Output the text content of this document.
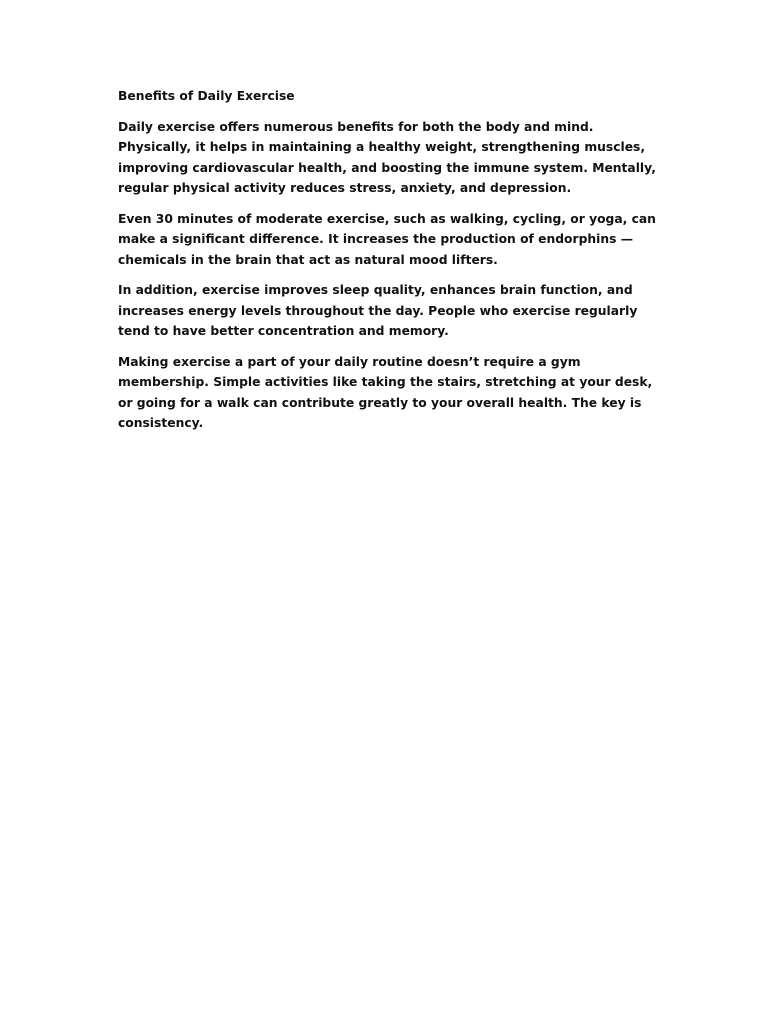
Benefits of Daily Exercise

Daily exercise offers numerous benefits for both the body and mind. Physically, it helps in maintaining a healthy weight, strengthening muscles, improving cardiovascular health, and boosting the immune system. Mentally, regular physical activity reduces stress, anxiety, and depression.

Even 30 minutes of moderate exercise, such as walking, cycling, or yoga, can make a significant difference. It increases the production of endorphins — chemicals in the brain that act as natural mood lifters.

In addition, exercise improves sleep quality, enhances brain function, and increases energy levels throughout the day. People who exercise regularly tend to have better concentration and memory.

Making exercise a part of your daily routine doesn’t require a gym membership. Simple activities like taking the stairs, stretching at your desk, or going for a walk can contribute greatly to your overall health. The key is consistency.
